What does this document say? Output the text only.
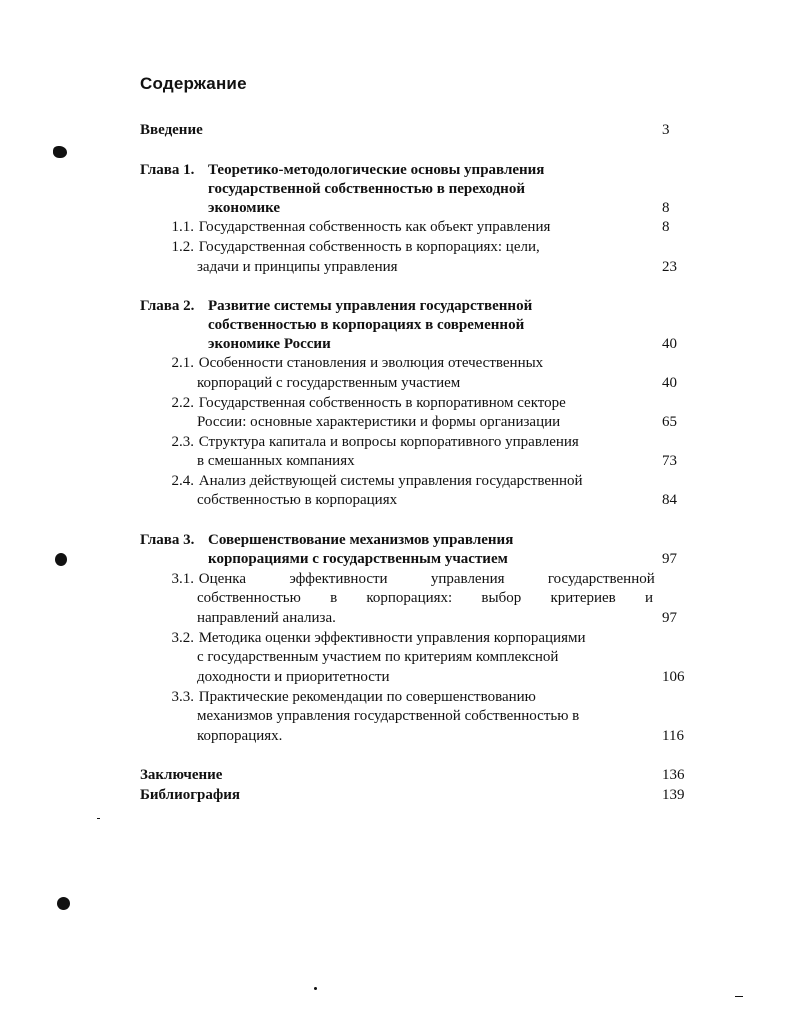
Содержание
Введение	3
Глава 1. Теоретико-методологические основы управления
государственной собственностью в переходной
экономике	8
1.1. Государственная собственность как объект управления	8
1.2. Государственная собственность в корпорациях: цели,
задачи и принципы управления	23
Глава 2. Развитие системы управления государственной
собственностью в корпорациях в современной
экономике России	40
2.1. Особенности становления и эволюция отечественных
корпораций с государственным участием	40
2.2. Государственная собственность в корпоративном секторе
России: основные характеристики и формы организации	65
2.3. Структура капитала и вопросы корпоративного управления
в смешанных компаниях	73
2.4. Анализ действующей системы управления государственной
собственностью в корпорациях	84
Глава 3. Совершенствование механизмов управления
корпорациями с государственным участием	97
3.1. Оценка эффективности управления государственной
собственностью в корпорациях: выбор критериев и
направлений анализа.	97
3.2. Методика оценки эффективности управления корпорациями
с государственным участием по критериям комплексной
доходности и приоритетности	106
3.3. Практические рекомендации по совершенствованию
механизмов управления государственной собственностью в
корпорациях.	116
Заключение	136
Библиография	139
